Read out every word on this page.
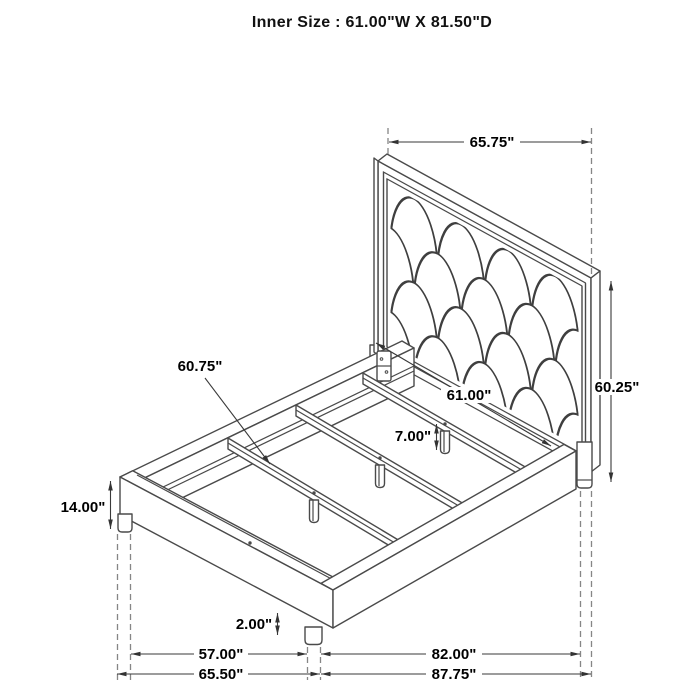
65.75"
60.25"
61.00"
60.75"
7.00"
14.00"
2.00"
57.00"	82.00"
65.50"	87.75"
Inner Size : 61.00"W X 81.50"D
